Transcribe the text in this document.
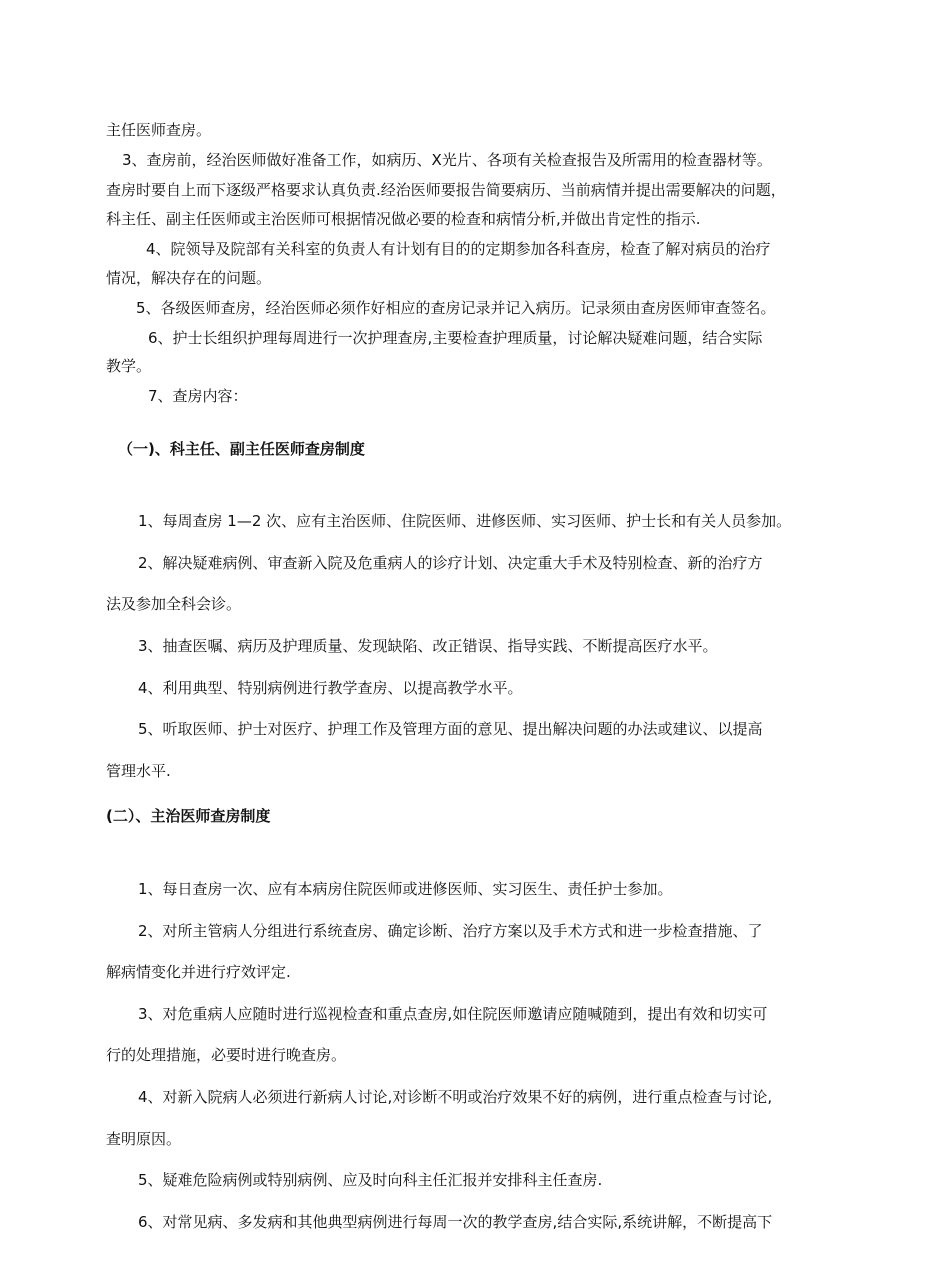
主任医师查房。
3、查房前，经治医师做好准备工作，如病历、X光片、各项有关检查报告及所需用的检查器材等。
查房时要自上而下逐级严格要求认真负责.经治医师要报告简要病历、当前病情并提出需要解决的问题，
科主任、副主任医师或主治医师可根据情况做必要的检查和病情分析,并做出肯定性的指示.
4、院领导及院部有关科室的负责人有计划有目的的定期参加各科查房，检查了解对病员的治疗
情况，解决存在的问题。
5、各级医师查房，经治医师必须作好相应的查房记录并记入病历。记录须由查房医师审查签名。
6、护士长组织护理每周进行一次护理查房,主要检查护理质量，讨论解决疑难问题，结合实际
教学。
7、查房内容：
（一)、科主任、副主任医师查房制度
1、每周查房 1—2 次、应有主治医师、住院医师、进修医师、实习医师、护士长和有关人员参加。
2、解决疑难病例、审查新入院及危重病人的诊疗计划、决定重大手术及特别检查、新的治疗方
法及参加全科会诊。
3、抽查医嘱、病历及护理质量、发现缺陷、改正错误、指导实践、不断提高医疗水平。
4、利用典型、特别病例进行教学查房、以提高教学水平。
5、听取医师、护士对医疗、护理工作及管理方面的意见、提出解决问题的办法或建议、以提高
管理水平.
(二）、主治医师查房制度
1、每日查房一次、应有本病房住院医师或进修医师、实习医生、责任护士参加。
2、对所主管病人分组进行系统查房、确定诊断、治疗方案以及手术方式和进一步检查措施、了
解病情变化并进行疗效评定.
3、对危重病人应随时进行巡视检查和重点查房,如住院医师邀请应随喊随到，提出有效和切实可
行的处理措施，必要时进行晚查房。
4、对新入院病人必须进行新病人讨论,对诊断不明或治疗效果不好的病例，进行重点检查与讨论,
查明原因。
5、疑难危险病例或特别病例、应及时向科主任汇报并安排科主任查房.
6、对常见病、多发病和其他典型病例进行每周一次的教学查房,结合实际,系统讲解，不断提高下
